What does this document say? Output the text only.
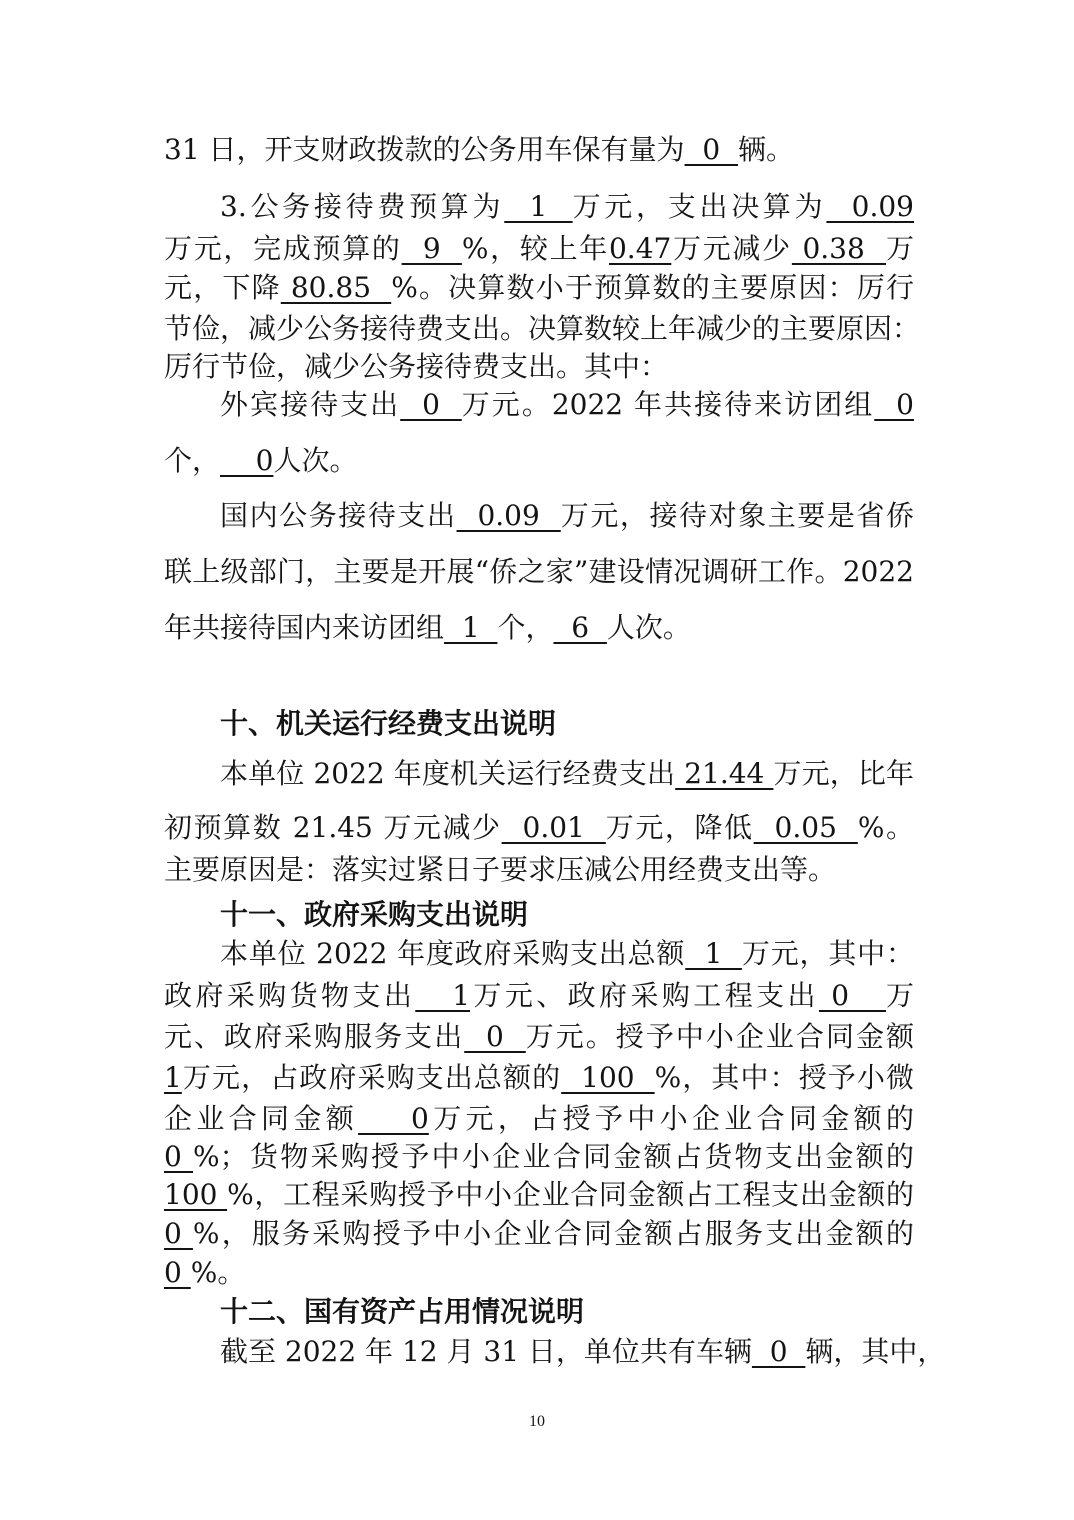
31 日，开支财政拨款的公务用车保有量为  0  辆。
3.公务接待费预算为  1  万元，支出决算为  0.09
万元，完成预算的  9  %，较上年0.47万元减少 0.38  万
元，下降 80.85  %。决算数小于预算数的主要原因：厉行
节俭，减少公务接待费支出。决算数较上年减少的主要原因：
厉行节俭，减少公务接待费支出。其中：
外宾接待支出  0  万元。2022 年共接待来访团组  0
个，    0人次。
国内公务接待支出  0.09  万元，接待对象主要是省侨
联上级部门，主要是开展“侨之家”建设情况调研工作。2022
年共接待国内来访团组  1  个，  6  人次。
十、机关运行经费支出说明
本单位 2022 年度机关运行经费支出 21.44 万元，比年
初预算数 21.45 万元减少  0.01  万元，降低  0.05  %。
主要原因是：落实过紧日子要求压减公用经费支出等。
十一、政府采购支出说明
本单位 2022 年度政府采购支出总额  1  万元，其中：
政府采购货物支出   1万元、政府采购工程支出 0   万
元、政府采购服务支出  0  万元。授予中小企业合同金额
1万元，占政府采购支出总额的  100  %，其中：授予小微
企业合同金额    0万元，占授予中小企业合同金额的
0 %；货物采购授予中小企业合同金额占货物支出金额的
100 %，工程采购授予中小企业合同金额占工程支出金额的
0 %，服务采购授予中小企业合同金额占服务支出金额的
0 %。
十二、国有资产占用情况说明
截至 2022 年 12 月 31 日，单位共有车辆  0  辆，其中，
10
